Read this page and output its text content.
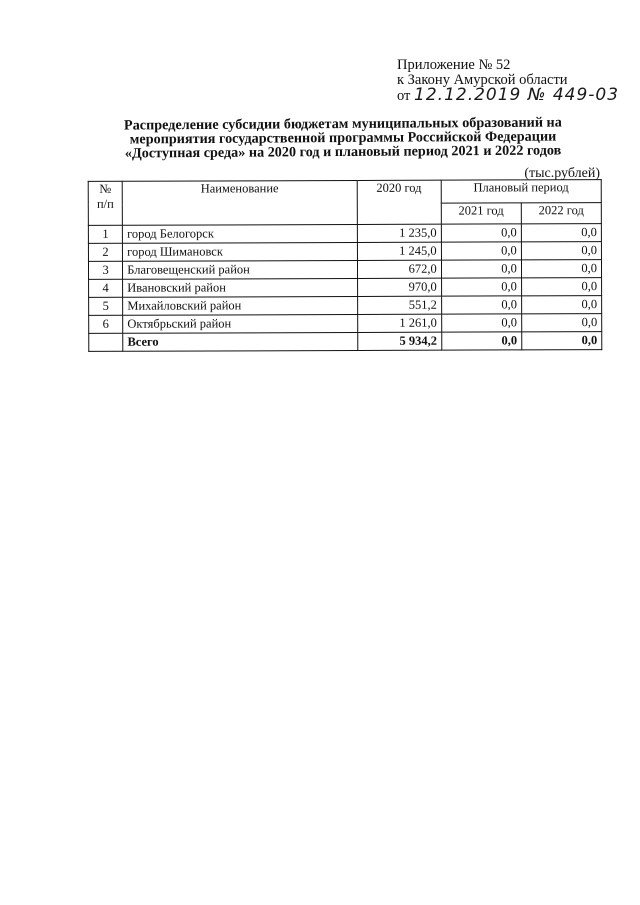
Приложение № 52
к Закону Амурской области
от 12.12.2019 № 449-03
Распределение субсидии бюджетам муниципальных образований на
мероприятия государственной программы Российской Федерации
«Доступная среда» на 2020 год и плановый период 2021 и 2022 годов
(тыс.рублей)
№ п/п	Наименование	2020 год	Плановый период	
			2021 год	2022 год
1	город Белогорск	1 235,0	0,0	0,0
2	город Шимановск	1 245,0	0,0	0,0
3	Благовещенский район	672,0	0,0	0,0
4	Ивановский район	970,0	0,0	0,0
5	Михайловский район	551,2	0,0	0,0
6	Октябрьский район	1 261,0	0,0	0,0
	Всего	5 934,2	0,0	0,0
